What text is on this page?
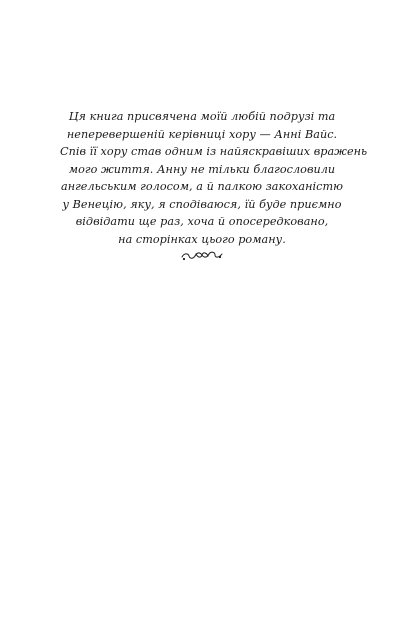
Ця книга присвячена моїй любій подрузі та
неперевершеній керівниці хору — Анні Вайс.
Спів її хору став одним із найяскравіших вражень
мого життя. Анну не тільки благословили
ангельським голосом, а й палкою закоханістю
у Венецію, яку, я сподіваюся, їй буде приємно
відвідати ще раз, хоча й опосередковано,
на сторінках цього роману.
